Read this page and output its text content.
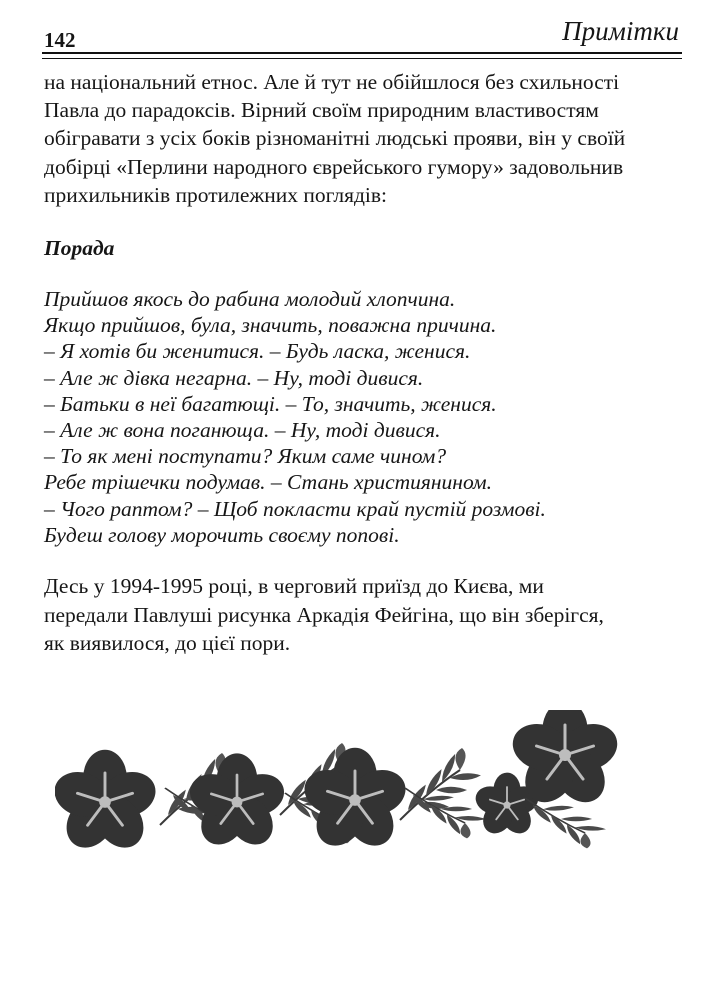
142	Примітки
на національний етнос. Але й тут не обійшлося без схильності
Павла до парадоксів. Вірний своїм природним властивостям
обігравати з усіх боків різноманітні людські прояви, він у своїй
добірці «Перлини народного єврейського гумору» задовольнив
прихильників протилежних поглядів:
Порада
Прийшов якось до рабина молодий хлопчина.
Якщо прийшов, була, значить, поважна причина.
– Я хотів би женитися. – Будь ласка, женися.
– Але ж дівка негарна. – Ну, тоді дивися.
– Батьки в неї багатющі. – То, значить, женися.
– Але ж вона поганюща. – Ну, тоді дивися.
– То як мені поступати? Яким саме чином?
Ребе трішечки подумав. – Стань християнином.
– Чого раптом? – Щоб покласти край пустій розмові.
Будеш голову морочить своєму попові.
Десь у 1994-1995 році, в черговий приїзд до Києва, ми
передали Павлуші рисунка Аркадія Фейгіна, що він зберігся,
як виявилося, до цієї пори.
